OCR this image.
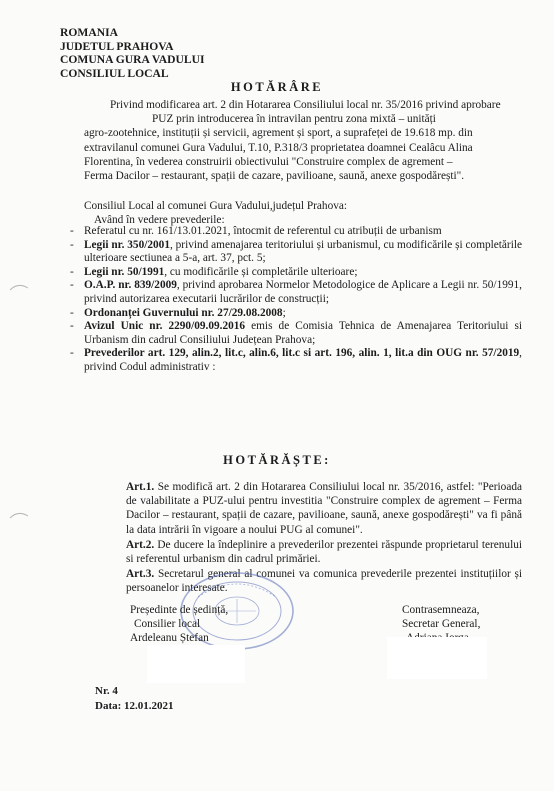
ROMANIA
JUDETUL PRAHOVA
COMUNA GURA VADULUI
CONSILIUL LOCAL
HOTĂRÂRE
Privind modificarea art. 2 din Hotararea Consiliului local nr. 35/2016 privind aprobare
PUZ prin introducerea în intravilan pentru zona mixtă – unități
agro-zootehnice, instituții și servicii, agrement și sport, a suprafeței de 19.618 mp. din
extravilanul comunei Gura Vadului, T.10, P.318/3 proprietatea doamnei Cealâcu Alina
Florentina, în vederea construirii obiectivului "Construire complex de agrement –
Ferma Dacilor – restaurant, spații de cazare, pavilioane, saună, anexe gospodărești".
Consiliul Local al comunei Gura Vadului,județul Prahova:
Având în vedere prevederile:
- Referatul cu nr. 161/13.01.2021, întocmit de referentul cu atribuții de urbanism
- Legii nr. 350/2001, privind amenajarea teritoriului și urbanismul, cu modificările și completările ulterioare sectiunea a 5-a, art. 37, pct. 5;
- Legii nr. 50/1991, cu modificările și completările ulterioare;
- O.A.P. nr. 839/2009, privind aprobarea Normelor Metodologice de Aplicare a Legii nr. 50/1991, privind autorizarea executarii lucrărilor de construcții;
- Ordonanței Guvernului nr. 27/29.08.2008;
- Avizul Unic nr. 2290/09.09.2016 emis de Comisia Tehnica de Amenajarea Teritoriului si Urbanism din cadrul Consiliului Județean Prahova;
- Prevederilor art. 129, alin.2, lit.c, alin.6, lit.c si art. 196, alin. 1, lit.a din OUG nr. 57/2019, privind Codul administrativ :
HOTĂRĂȘTE:
Art.1. Se modifică art. 2 din Hotararea Consiliului local nr. 35/2016, astfel: "Perioada de valabilitate a PUZ-ului pentru investitia "Construire complex de agrement – Ferma Dacilor – restaurant, spații de cazare, pavilioane, saună, anexe gospodărești" va fi până la data intrării în vigoare a noului PUG al comunei".
Art.2. De ducere la îndeplinire a prevederilor prezentei răspunde proprietarul terenului si referentul urbanism din cadrul primăriei.
Art.3. Secretarul general al comunei va comunica prevederile prezentei instituțiilor și persoanelor interesate.
Președinte de ședință,
Consilier local
Ardeleanu Ștefan
Contrasemneaza,
Secretar General,
Nr. 4
Data: 12.01.2021
